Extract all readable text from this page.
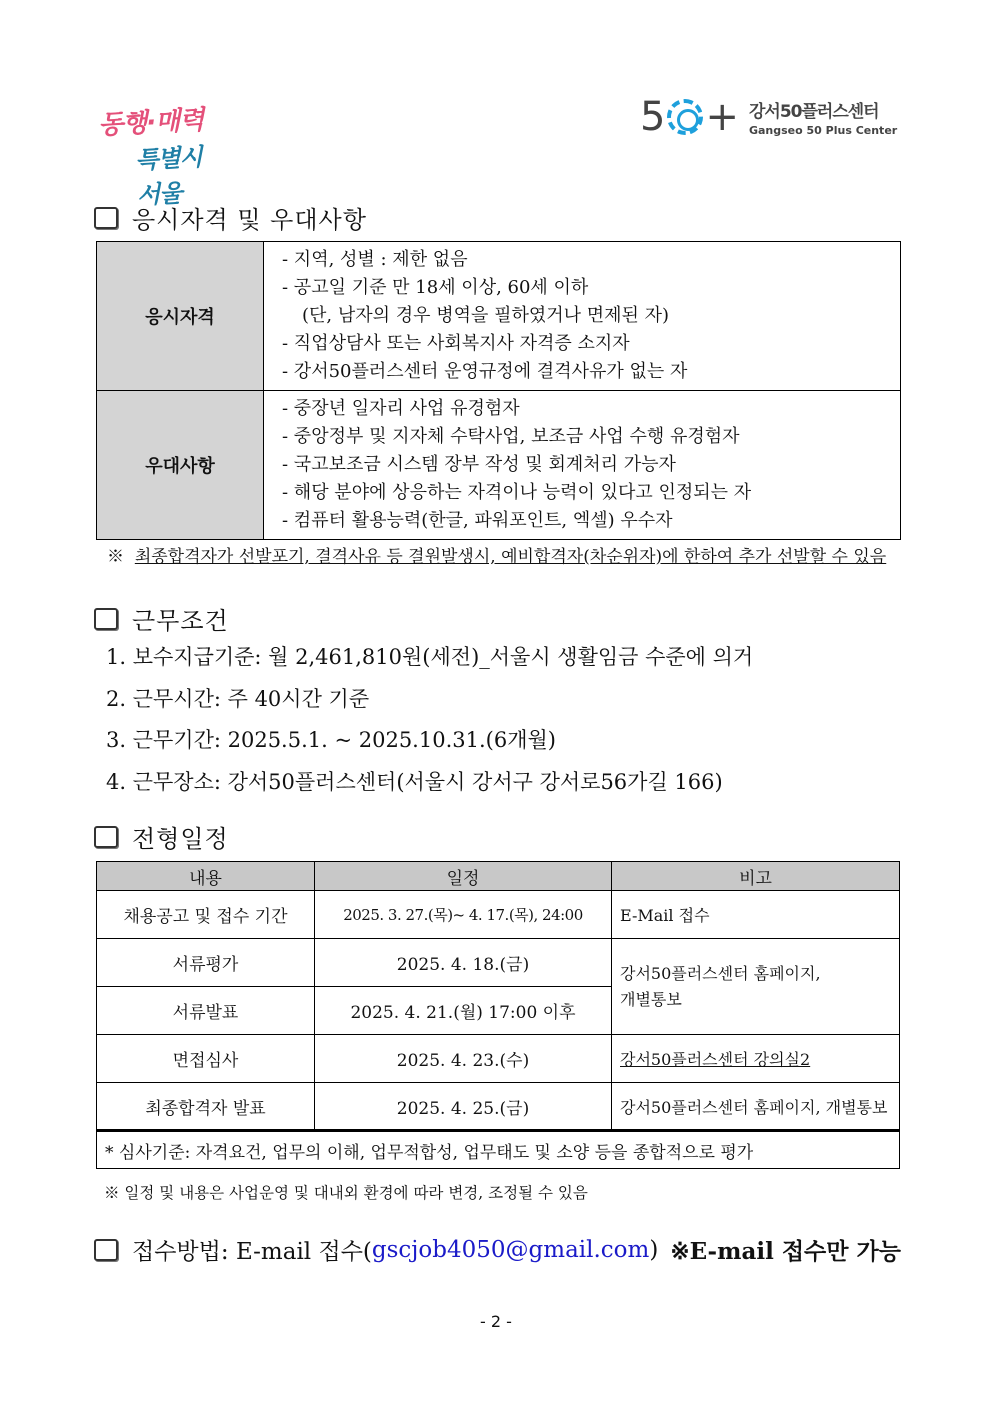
동행·매력
특별시 서울
5 + 강서50플러스센터
Gangseo 50 Plus Center
응시자격 및 우대사항
응시자격	- 지역, 성별 : 제한 없음
- 공고일 기준 만 18세 이상, 60세 이하
(단, 남자의 경우 병역을 필하였거나 면제된 자)
- 직업상담사 또는 사회복지사 자격증 소지자
- 강서50플러스센터 운영규정에 결격사유가 없는 자

우대사항	- 중장년 일자리 사업 유경험자
- 중앙정부 및 지자체 수탁사업, 보조금 사업 수행 유경험자
- 국고보조금 시스템 장부 작성 및 회계처리 가능자
- 해당 분야에 상응하는 자격이나 능력이 있다고 인정되는 자
- 컴퓨터 활용능력(한글, 파워포인트, 엑셀) 우수자
※ 최종합격자가 선발포기, 결격사유 등 결원발생시, 예비합격자(차순위자)에 한하여 추가 선발할 수 있음
근무조건
1. 보수지급기준: 월 2,461,810원(세전)_서울시 생활임금 수준에 의거
2. 근무시간: 주 40시간 기준
3. 근무기간: 2025.5.1. ~ 2025.10.31.(6개월)
4. 근무장소: 강서50플러스센터(서울시 강서구 강서로56가길 166)
전형일정
내용	일정	비고
채용공고 및 접수 기간	2025. 3. 27.(목)~ 4. 17.(목), 24:00	E-Mail 접수
서류평가	2025. 4. 18.(금)	강서50플러스센터 홈페이지, 개별통보
서류발표	2025. 4. 21.(월) 17:00 이후	
면접심사	2025. 4. 23.(수)	강서50플러스센터 강의실2
최종합격자 발표	2025. 4. 25.(금)	강서50플러스센터 홈페이지, 개별통보
* 심사기준: 자격요건, 업무의 이해, 업무적합성, 업무태도 및 소양 등을 종합적으로 평가		
※ 일정 및 내용은 사업운영 및 대내외 환경에 따라 변경, 조정될 수 있음
접수방법:
E-mail 접수( gscjob4050@gmail.com ) ※E-mail 접수만 가능
- 2 -
